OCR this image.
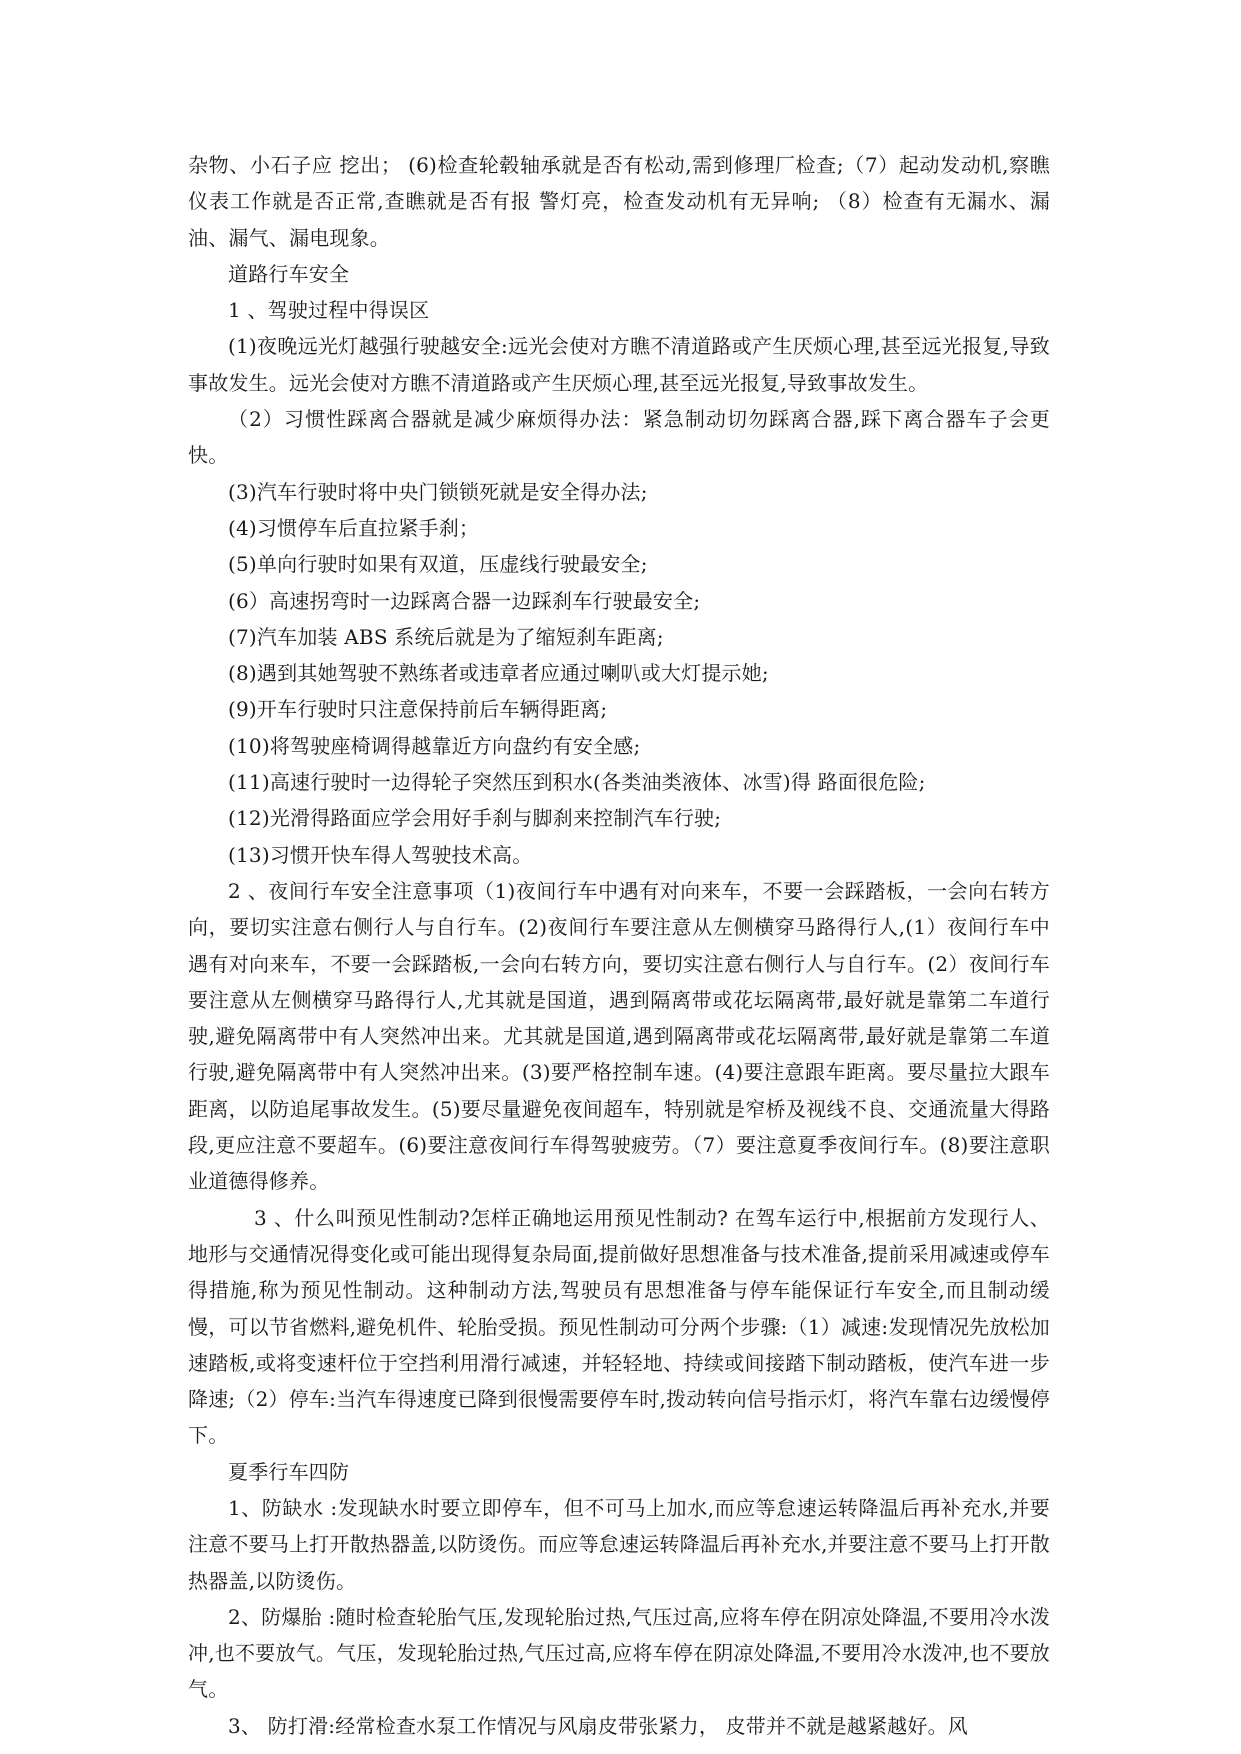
杂物、小石子应 挖出； (6)检查轮毂轴承就是否有松动,需到修理厂检查;（7）起动发动机,察瞧仪表工作就是否正常,查瞧就是否有报 警灯亮，检查发动机有无异响; （8）检查有无漏水、漏油、漏气、漏电现象。

道路行车安全

1 、驾驶过程中得误区

(1)夜晚远光灯越强行驶越安全:远光会使对方瞧不清道路或产生厌烦心理,甚至远光报复,导致事故发生。远光会使对方瞧不清道路或产生厌烦心理,甚至远光报复,导致事故发生。

（2）习惯性踩离合器就是减少麻烦得办法：紧急制动切勿踩离合器,踩下离合器车子会更快。

(3)汽车行驶时将中央门锁锁死就是安全得办法;

(4)习惯停车后直拉紧手刹；

(5)单向行驶时如果有双道，压虚线行驶最安全;

(6）高速拐弯时一边踩离合器一边踩刹车行驶最安全;

(7)汽车加装 ABS 系统后就是为了缩短刹车距离;

(8)遇到其她驾驶不熟练者或违章者应通过喇叭或大灯提示她;

(9)开车行驶时只注意保持前后车辆得距离;

(10)将驾驶座椅调得越靠近方向盘约有安全感;

(11)高速行驶时一边得轮子突然压到积水(各类油类液体、冰雪)得 路面很危险;

(12)光滑得路面应学会用好手刹与脚刹来控制汽车行驶;

(13)习惯开快车得人驾驶技术高。

2 、夜间行车安全注意事项（1)夜间行车中遇有对向来车，不要一会踩踏板，一会向右转方向，要切实注意右侧行人与自行车。(2)夜间行车要注意从左侧横穿马路得行人,(1）夜间行车中遇有对向来车，不要一会踩踏板,一会向右转方向，要切实注意右侧行人与自行车。(2）夜间行车要注意从左侧横穿马路得行人,尤其就是国道，遇到隔离带或花坛隔离带,最好就是靠第二车道行驶,避免隔离带中有人突然冲出来。尤其就是国道,遇到隔离带或花坛隔离带,最好就是靠第二车道行驶,避免隔离带中有人突然冲出来。(3)要严格控制车速。(4)要注意跟车距离。要尽量拉大跟车距离，以防追尾事故发生。(5)要尽量避免夜间超车，特别就是窄桥及视线不良、交通流量大得路段,更应注意不要超车。(6)要注意夜间行车得驾驶疲劳。（7）要注意夏季夜间行车。(8)要注意职业道德得修养。

3 、什么叫预见性制动?怎样正确地运用预见性制动? 在驾车运行中,根据前方发现行人、地形与交通情况得变化或可能出现得复杂局面,提前做好思想准备与技术准备,提前采用减速或停车得措施,称为预见性制动。这种制动方法,驾驶员有思想准备与停车能保证行车安全,而且制动缓慢，可以节省燃料,避免机件、轮胎受损。预见性制动可分两个步骤:（1）减速:发现情况先放松加速踏板,或将变速杆位于空挡利用滑行减速，并轻轻地、持续或间接踏下制动踏板，使汽车进一步降速;（2）停车:当汽车得速度已降到很慢需要停车时,拨动转向信号指示灯，将汽车靠右边缓慢停下。

夏季行车四防

1、防缺水 :发现缺水时要立即停车，但不可马上加水,而应等怠速运转降温后再补充水,并要注意不要马上打开散热器盖,以防烫伤。而应等怠速运转降温后再补充水,并要注意不要马上打开散热器盖,以防烫伤。

2、防爆胎 :随时检查轮胎气压,发现轮胎过热,气压过高,应将车停在阴凉处降温,不要用冷水泼冲,也不要放气。气压，发现轮胎过热,气压过高,应将车停在阴凉处降温,不要用冷水泼冲,也不要放气。

3、 防打滑:经常检查水泵工作情况与风扇皮带张紧力， 皮带并不就是越紧越好。风
